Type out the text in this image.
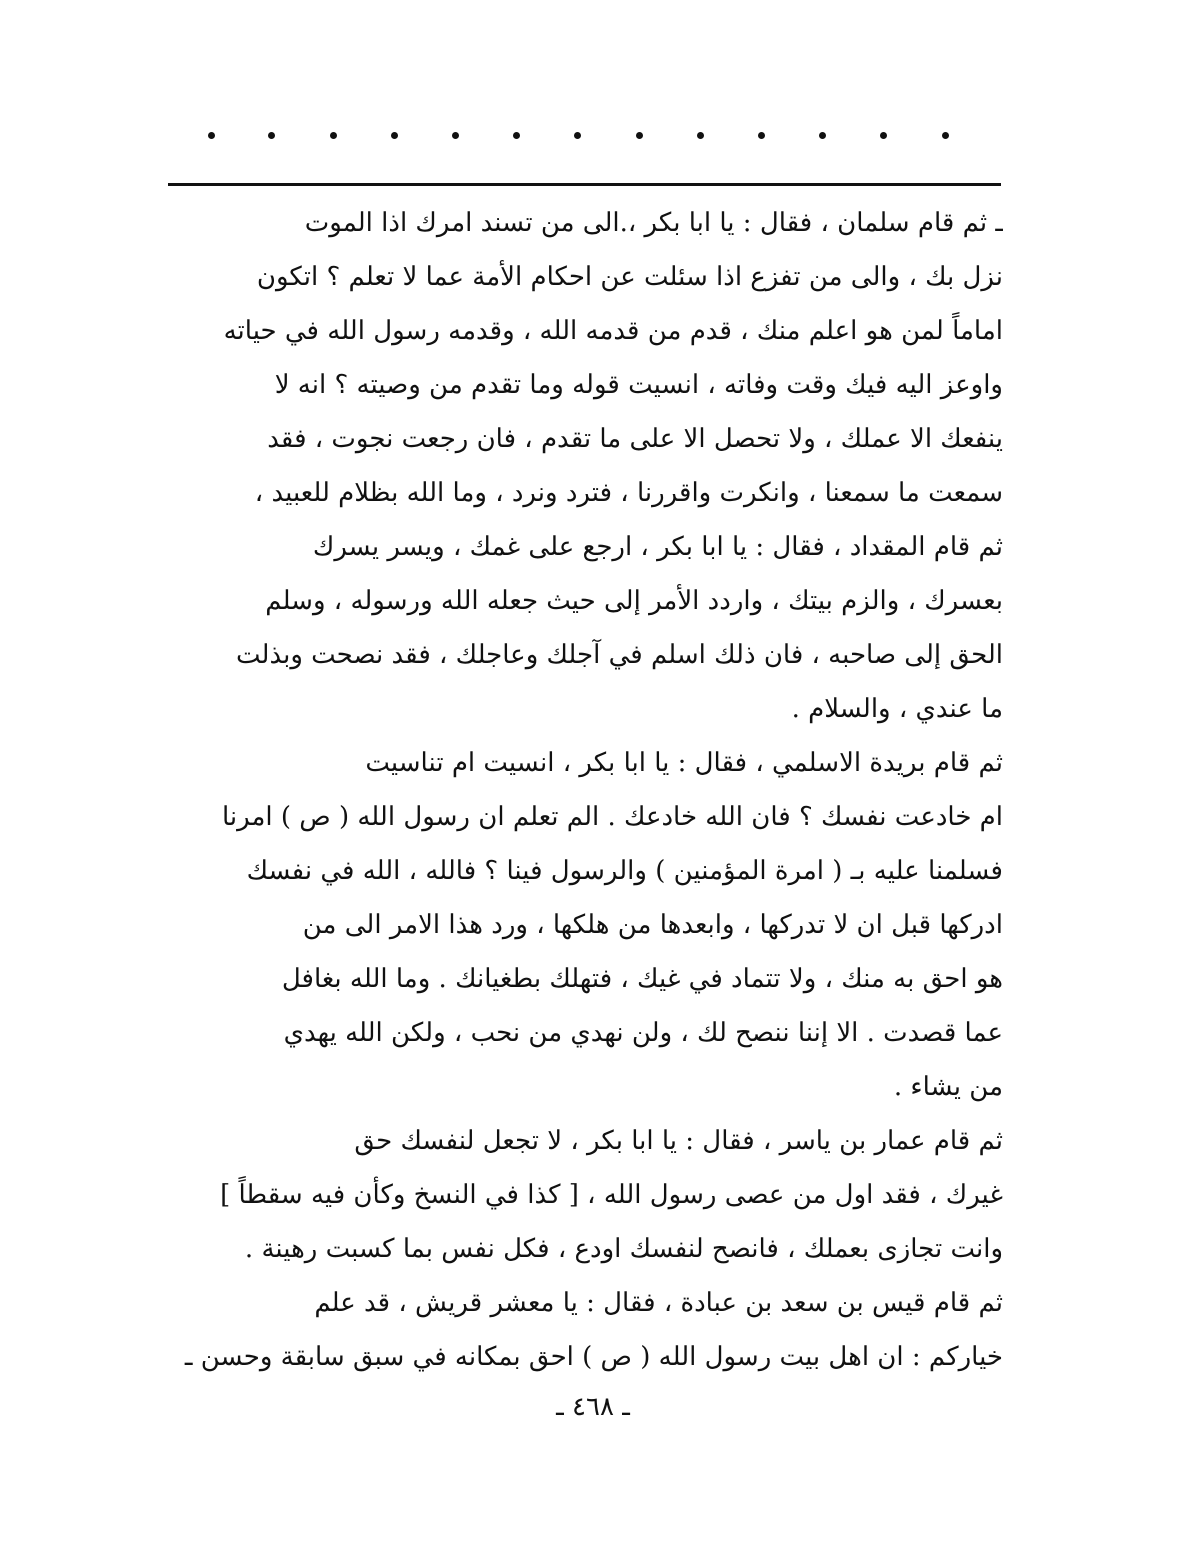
ـ ثم قام سلمان ، فقال : يا ابا بكر ،.الى من تسند امرك اذا الموت
نزل بك ، والى من تفزع اذا سئلت عن احكام الأمة عما لا تعلم ؟ اتكون
اماماً لمن هو اعلم منك ، قدم من قدمه الله ، وقدمه رسول الله في حياته
واوعز اليه فيك وقت وفاته ، انسيت قوله وما تقدم من وصيته ؟ انه لا
ينفعك الا عملك ، ولا تحصل الا على ما تقدم ، فان رجعت نجوت ، فقد
سمعت ما سمعنا ، وانكرت واقررنا ، فترد ونرد ، وما الله بظلام للعبيد ،
ثم قام المقداد ، فقال : يا ابا بكر ، ارجع على غمك ، ويسر يسرك
بعسرك ، والزم بيتك ، واردد الأمر إلى حيث جعله الله ورسوله ، وسلم
الحق إلى صاحبه ، فان ذلك اسلم في آجلك وعاجلك ، فقد نصحت وبذلت
ما عندي ، والسلام .
ثم قام بريدة الاسلمي ، فقال : يا ابا بكر ، انسيت ام تناسيت
ام خادعت نفسك ؟ فان الله خادعك . الم تعلم ان رسول الله ( ص ) امرنا
فسلمنا عليه بـ ( امرة المؤمنين ) والرسول فينا ؟ فالله ، الله في نفسك
ادركها قبل ان لا تدركها ، وابعدها من هلكها ، ورد هذا الامر الى من
هو احق به منك ، ولا تتماد في غيك ، فتهلك بطغيانك . وما الله بغافل
عما قصدت . الا إننا ننصح لك ، ولن نهدي من نحب ، ولكن الله يهدي
من يشاء .
ثم قام عمار بن ياسر ، فقال : يا ابا بكر ، لا تجعل لنفسك حق
غيرك ، فقد اول من عصى رسول الله ، [ كذا في النسخ وكأن فيه سقطاً ]
وانت تجازى بعملك ، فانصح لنفسك اودع ، فكل نفس بما كسبت رهينة .
ثم قام قيس بن سعد بن عبادة ، فقال : يا معشر قريش ، قد علم
خياركم : ان اهل بيت رسول الله ( ص ) احق بمكانه في سبق سابقة وحسن ـ
ـ ٤٦٨ ـ
